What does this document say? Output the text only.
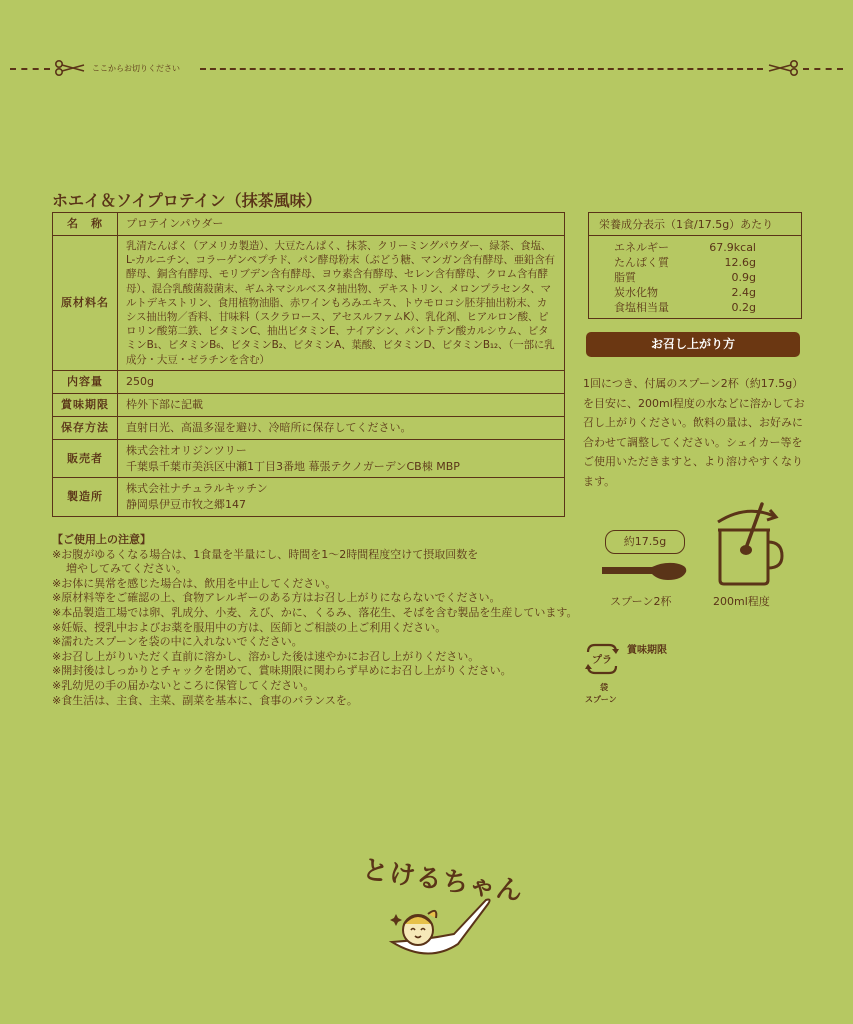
ここからお切りください
ホエイ＆ソイプロテイン（抹茶風味）
名　称	プロテインパウダー
原材料名	乳清たんぱく（アメリカ製造）、大豆たんぱく、抹茶、クリーミングパウダー、緑茶、食塩、L-カルニチン、コラーゲンペプチド、パン酵母粉末（ぶどう糖、マンガン含有酵母、亜鉛含有酵母、銅含有酵母、モリブデン含有酵母、ヨウ素含有酵母、セレン含有酵母、クロム含有酵母）、混合乳酸菌殺菌末、ギムネマシルベスタ抽出物、デキストリン、メロンプラセンタ、マルトデキストリン、食用植物油脂、赤ワインもろみエキス、トウモロコシ胚芽抽出粉末、カシス抽出物／香料、甘味料（スクラロース、アセスルファムK）、乳化剤、ヒアルロン酸、ピロリン酸第二鉄、ビタミンC、抽出ビタミンE、ナイアシン、パントテン酸カルシウム、ビタミンB₁、ビタミンB₆、ビタミンB₂、ビタミンA、葉酸、ビタミンD、ビタミンB₁₂、（一部に乳成分・大豆・ゼラチンを含む）
内容量	250g
賞味期限	枠外下部に記載
保存方法	直射日光、高温多湿を避け、冷暗所に保存してください。
販売者	株式会社オリジンツリー
千葉県千葉市美浜区中瀬1丁目3番地 幕張テクノガーデンCB棟 MBP

製造所	株式会社ナチュラルキッチン
静岡県伊豆市牧之郷147
栄養成分表示（1食/17.5g）あたり
エネルギー	67.9kcal
たんぱく質	12.6g
脂質	0.9g
炭水化物	2.4g
食塩相当量	0.2g
お召し上がり方
1回につき、付属のスプーン2杯（約17.5g）を目安に、200ml程度の水などに溶かしてお召し上がりください。飲料の量は、お好みに合わせて調整してください。シェイカー等をご使用いただきますと、より溶けやすくなります。
約17.5g
スプーン2杯	200ml程度
プラ
袋
スプーン
賞味期限
【ご使用上の注意】
※お腹がゆるくなる場合は、1食量を半量にし、時間を1～2時間程度空けて摂取回数を
増やしてみてください。
※お体に異常を感じた場合は、飲用を中止してください。
※原材料等をご確認の上、食物アレルギーのある方はお召し上がりにならないでください。
※本品製造工場では卵、乳成分、小麦、えび、かに、くるみ、落花生、そばを含む製品を生産しています。
※妊娠、授乳中およびお薬を服用中の方は、医師とご相談の上ご利用ください。
※濡れたスプーンを袋の中に入れないでください。
※お召し上がりいただく直前に溶かし、溶かした後は速やかにお召し上がりください。
※開封後はしっかりとチャックを閉めて、賞味期限に関わらず早めにお召し上がりください。
※乳幼児の手の届かないところに保管してください。
※食生活は、主食、主菜、副菜を基本に、食事のバランスを。
とけるちゃん
